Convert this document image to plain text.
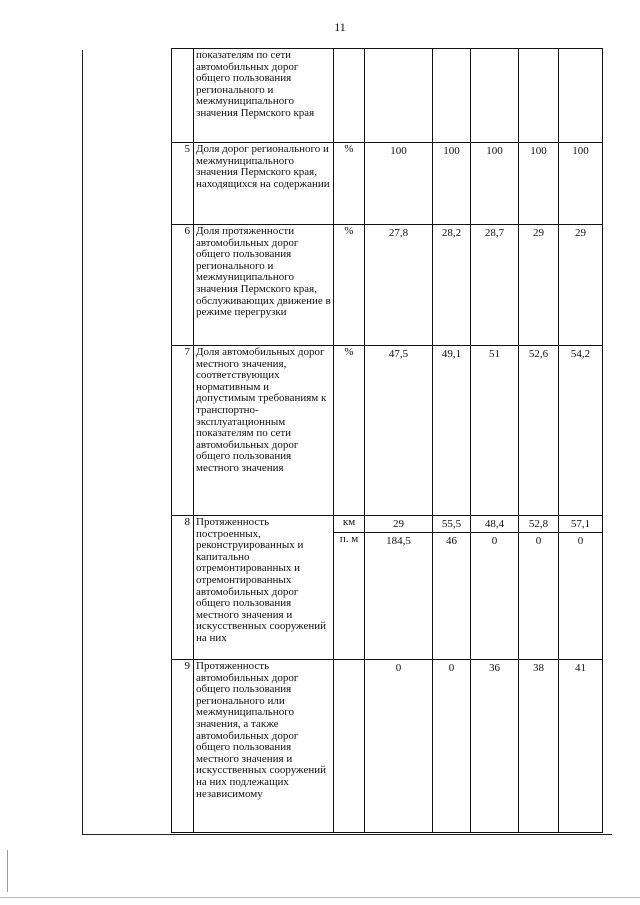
11
	показателям по сети автомобильных дорог общего пользования регионального и межмуниципального значения Пермского края						
5	Доля дорог регионального и межмуниципального значения Пермского края, находящихся на содержании	%	100	100	100	100	100
6	Доля протяженности автомобильных дорог общего пользования регионального и межмуниципального значения Пермского края, обслуживающих движение в режиме перегрузки	%	27,8	28,2	28,7	29	29
7	Доля автомобильных дорог местного значения, соответствующих нормативным и допустимым требованиям к транспортно-эксплуатационным показателям по сети автомобильных дорог общего пользования местного значения	%	47,5	49,1	51	52,6	54,2
8	Протяженность построенных, реконструированных и капитально отремонтированных и отремонтированных автомобильных дорог общего пользования местного значения и искусственных сооружений на них	км	29	55,5	48,4	52,8	57,1
		п. м	184,5	46	0	0	0
9	Протяженность автомобильных дорог общего пользования регионального или межмуниципального значения, а также автомобильных дорог общего пользования местного значения и искусственных сооружений на них подлежащих независимому		0	0	36	38	41
